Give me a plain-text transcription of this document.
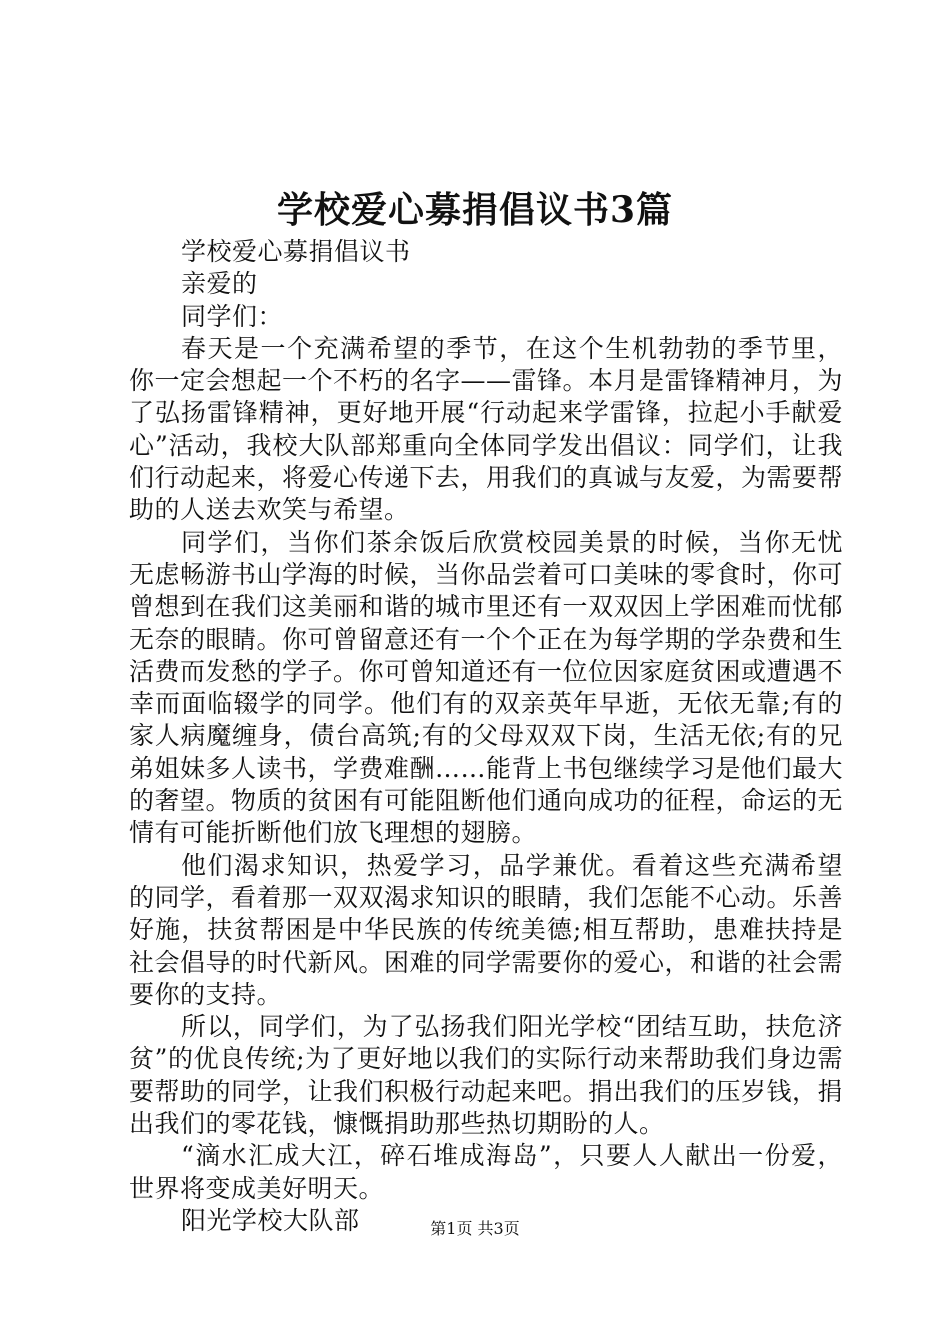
学校爱心募捐倡议书3篇

学校爱心募捐倡议书

亲爱的

同学们：

春天是一个充满希望的季节，在这个生机勃勃的季节里，你一定会想起一个不朽的名字——雷锋。本月是雷锋精神月，为了弘扬雷锋精神，更好地开展“行动起来学雷锋，拉起小手献爱心”活动，我校大队部郑重向全体同学发出倡议：同学们，让我们行动起来，将爱心传递下去，用我们的真诚与友爱，为需要帮助的人送去欢笑与希望。

同学们，当你们茶余饭后欣赏校园美景的时候，当你无忧无虑畅游书山学海的时候，当你品尝着可口美味的零食时，你可曾想到在我们这美丽和谐的城市里还有一双双因上学困难而忧郁无奈的眼睛。你可曾留意还有一个个正在为每学期的学杂费和生活费而发愁的学子。你可曾知道还有一位位因家庭贫困或遭遇不幸而面临辍学的同学。他们有的双亲英年早逝，无依无靠;有的家人病魔缠身，债台高筑;有的父母双双下岗，生活无依;有的兄弟姐妹多人读书，学费难酬……能背上书包继续学习是他们最大的奢望。物质的贫困有可能阻断他们通向成功的征程，命运的无情有可能折断他们放飞理想的翅膀。

他们渴求知识，热爱学习，品学兼优。看着这些充满希望的同学，看着那一双双渴求知识的眼睛，我们怎能不心动。乐善好施，扶贫帮困是中华民族的传统美德;相互帮助，患难扶持是社会倡导的时代新风。困难的同学需要你的爱心，和谐的社会需要你的支持。

所以，同学们，为了弘扬我们阳光学校“团结互助，扶危济贫”的优良传统;为了更好地以我们的实际行动来帮助我们身边需要帮助的同学，让我们积极行动起来吧。捐出我们的压岁钱，捐出我们的零花钱，慷慨捐助那些热切期盼的人。

“滴水汇成大江，碎石堆成海岛”，只要人人献出一份爱，世界将变成美好明天。

阳光学校大队部	第1页 共3页
